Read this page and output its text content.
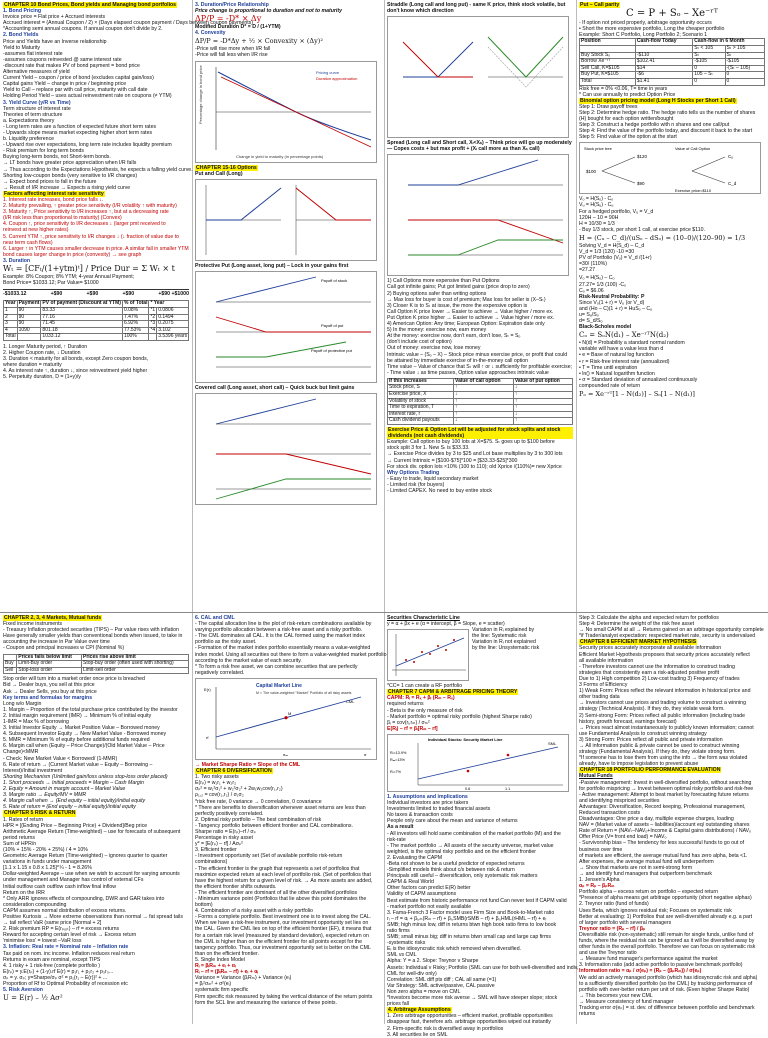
CHAPTER 10 Bond Prices, Bond yields and Managing bond portfolios
1. Bond Pricing
Invoice price = Flat price + Accrued interests
Accrued interest = (Annual Coupon / 2) × (Days elapsed coupon payment / Days between coupon payments)
*Accounting semi annual coupons. If annual coupon don't divide by 2.
2. Bond Yields
Price and Yields have an Inverse relationship
Yield to Maturity
-assumes flat interest rate
-assumes coupons reinvested @ same interest rate
-discount rate that makes PV of bond payment = bond price
Alternative measures of yield
Current Yield – coupon / price of bond (excludes capital gain/loss)
Capital gains Yield – change in price / beginning price
Yield to Call – replace par with call price, maturity with call date
Holding Period Yield – uses actual reinvestment rate on coupons (≠ YTM)
3. Yield Curve (y/R vs Time)
Term structure of interest rate
Theories of term structure
a. Expectations theory
- Long term rates are a function of expected future short term rates
- Upwards slope means market expecting higher short term rates
b. Liquidity preference
- Upward rise over expectations, long term rate includes liquidity premium
- Risk premium for long term bonds
Buying long-term bonds, not Short-term bonds.
→ LT bonds have greater price appreciation when I/R falls
→ Thus according to the Expectations Hypothesis, he expects a falling yield curve.
Shorting low-coupon bonds (very sensitive to I/R changes)
→ Expect bond prices to fall in the future
→ Result of I/R increase → Expects a rising yield curve
Factors affecting interest rate sensitivity
1. Interest rate increases, bond price falls ↓.
2. Maturity prevailing, ↑ greater price sensitivity (I/R volatility ↑ with maturity)
3. Maturity ↑, Price sensitivity to I/R increases ↑, but at a decreasing rate
(I/R risk less than proportional to maturity) (Convex)
4. Coupon ↑, price sensitivity to I/R decreases ↓ (larger pmt received to
reinvest at new higher rates)
5. Current YTM ↑, price sensitivity to I/R changes ↓ (↓ fraction of value due to
near term cash flows)
6. Larger ↑ in YTM causes smaller decrease in price. A similar fall in smaller YTM
bond causes larger change in price (convexity) → see graph
3. Duration
Wₜ = [CFₜ/(1+ytm)ᵗ] / Price Dur = Σ Wₜ × t
Example: 8% Coupon; 8% YTM; 4-year Annual Payment;
Bond Price= $1033.12; Par Value= $1000
-$1033.12	+$90	+$90	+$90	+$90 +$1000
Year	Payment	PV of payment (Discount at YTM)	% of Total	* Year	
1	90	83.33	0.08%	*1	0.0806
2	90	77.16	7.47%	*2	0.1494
3	90	71.45	6.92%	*3	0.2075
4	1090	801.18	77.53%	*4	3.102
Total		1033.12	100%		3.5396 years
1. Longer Maturity period, ↑ Duration
2. Higher Coupon rate, ↓ Duration
3. Duration < maturity for all bonds, except Zero coupon bonds,
where duration = maturity
4. As interest rate ↑, duration ↓, since reinvestment yield higher
5. Perpetuity duration, D = (1+y)/y
3. Duration/Price Relationship
Price change is proportional to duration and not to maturity
ΔP/P = -D* × Δy
Modified Duration D* = D / (1+YTM)
4. Convexity
ΔP/P = -D*Δy + ½ × Convexity × (Δy)²
-Price will rise more when I/R fall
-Price will fall less when I/R rise
Percentage change in bond price
Change in yield to maturity (in percentage points)
Pricing curve
Duration approximation
CHAPTER 15-16 Options
Put and Call (Long)
Protective Put (Long asset, long put) – Lock in your gains first
Payoff of stock
Payoff of put
Payoff of protective put
Covered call (Long asset, short call) – Quick buck but limit gains
Straddle (Long call and long put) - same K price, think stock volatile, but don't know which direction
Spread (Long call and Short call, Xₗ<Xₕ) – Think price will go up moderately — Copes costs + but max profit + (Xₗ call more as than Xₕ call)
1) Call Options more expensive than Put Options
Call got infinite gains; Put got limited gains (price drop to zero)
2) Buying options safer than writing options
→ Max loss for buyer is cost of premium; Max loss for seller is (X–Sₜ)
3) Closer K is to Sₜ at issue, the more the expensive option is
Call Option K price lower → Easier to achieve → Value higher / more ex.
Put Option K price higher → Easier to achieve → Value higher / more ex.
4) American Option: Any time; European Option: Expiration date only
5) In the money: exercise now, earn money
At the money: exercise now, don't earn, don't lose, Sₜ = Sₒ
(don't include cost of option)
Out of money: exercise now, lose money
Intrinsic value – (Sₒ – X) – Stock price minus exercise price, or profit that could be attained by immediate exercise of in-the-money call option
Time value – Value of chance that Sₜ will ↑ or ↓ sufficiently for profitable exercise;
- Time value ↓ as time passes, Option value approaches intrinsic value
If this increases	Value of call option	Value of put option
Stock price, S	↑	↓
Exercise price, X	↓	↑
Volatility of stock	↑	↑
Time to expiration, T	↑	↑
Interest rate, r	↑	↓
Cash dividend payouts	↓	↑
Exercise Price & Option Lot will be adjusted for stock splits and stock dividends (not cash dividends)
Example: Call option to buy 100 lots at X=$75. Sₜ goes up to $100 before
stock split 3 for 1. New Sₜ is $33.33.
→ Exercise Price divides by 3 to $25 and Lot base multiplies by 3 to 300 lots
→ Current Intrinsic = [$100-$75]*100 = [$33.33-$25]*300
For stock div. option lots ×10% (100 to 110); old Xprice /(110%)= new Xprice
Why Options Trading
- Easy to trade, liquid secondary market
- Limited risk (for buyers)
- Limited CAPEX. No need to buy entire stock
Put – Call parity
C = P + Sₒ – Xe⁻ʳᵀ
- If option not priced properly, arbitrage opportunity occurs
• Short the more expensive portfolio, Long the cheaper portfolio
Example: Short C Portfolio, Long Portfolio 2; Scenario 1
Position	Cash-flow Today	Cash-flow in 6 Month	
		Sₜ < 105	Sₜ > 105
Buy Stock Sₒ	-$110	Sₜ	Sₜ
Borrow Xe⁻ʳᵀ	$102.41	-$105	-$105
Sell Call, K=$105	$14	0	-(Sₜ – 105)
Buy Put, K=$105	-$6	105 – Sₜ	0
Total	$1.41	0	0
Risk free = 0% <0.06, T= time in years
* Can use annually to predict Option Price
Binomial option pricing model (Long H Stocks per Short 1 Call)
Step 1: Draw payoff trees
Step 2: Determine hedge ratio. The hedge ratio tells us the number of shares
(H) bought for each option written/bought
Step 3: Construct a hedge portfolio with n shares and one call/put
Step 4: Find the value of the portfolio today, and discount it back to the start
Step 5: Find value of the option at the start
Stock price tree	Value of Call Option
$100
$120
$90
Cᵤ
C_d
Exercise price=$110
Vₒ = H(Sₒ) - Cₒ
Vᵤ = H(Sᵤ) - Cᵤ
For a hedged portfolio, Vᵤ = V_d
120H – 10 = 90H
H = 10/30 = 1/3
- Buy 1/3 stock, per short 1 call, at exercise price $110.
H = (Cᵤ – C_d)/(uSₒ – dSₒ) = (10–0)/(120–90) = 1/3
Solving V_d = H(S_d) – C_d
V_d = 1/3 (120) -10 =30
PV of Portfolio (Vₒ) = V_d /(1+r)
=30/ (110%)
=27.27
Vₒ = H(Sₒ) – Cₒ
27.27= 1/3 (100) -Cₒ
Cₒ = $6.06
Risk-Neutral Probability: P
Since Vₒ(1 + r) = Vᵤ (or V_d)
and (Ho – C)(1 + r) = HuSₒ – Cᵤ
u= Sᵤ/Sₒ
d= S_d/Sₒ
Black-Scholes model
Cₒ = SₒN(d₁) – Xe⁻ʳᵀN(d₂)
• N(d) = Probability a standard normal random
variable will have a value less than d
• e = Base of natural log function
• r = Risk-free interest rate (annualized)
• T = Time until expiration
• ln() = Natural logarithm function
• σ = Standard deviation of annualized continuously
compounded rate of return
Pₒ = Xe⁻ʳᵀ[1 – N(d₂)] – Sₒ[1 – N(d₁)]
CHAPTER 2, 3, 4 Markets, Mutual funds
Fixed income instruments
- Treasury Inflation protected securities (TIPS) – Par value rises with inflation
Have generally smaller yields than conventional bonds when issued, to take in
accounting the increase in Par Value over time
- Coupon and principal increases w CPI (Nominal %)
	Prices falls below limit	Prices rise above limit
Buy	Limit-Buy order	Stop-buy order (often used with shorting)
Sell	Stop-loss order	Limit-sell order
Stop order will turn into a market order once price is breached
Bid → Dealer buys, you sell at this price
Ask → Dealer Sells, you buy at this price
Key terms and formulas for margins
Long w/o Margin
1. Margin – Proportion of the total purchase price contributed by the investor
2. Initial margin requirement (IMR) → Minimum % of initial equity
1-IMR = Max % of borrowing
3. Initial Investor Equity → Market Position Value – Borrowed money
4. Subsequent Investor Equity → New Market Value - Borrowed money
5. MMR = Minimum % of equity before additional funds required
6. Margin call when (Equity – Price Change)/(Old Market Value – Price
Change)<MMR
- Check: New Market Value < Borrowed/ (1-MMR)
6. Rate of return → (Current Market value – Equity – Borrowing –
Interest)/Initial investment
Shorting Mechanism (Unlimited gain/loss unless stop-loss order placed)
1. Short proceeds → Initial proceeds = Margin – Cash Margin
2. Equity = Amount in margin account – Market Value
3. Margin ratio → Equity/MV = MMR
4. Margin call when → (End equity – initial equity)/initial equity
5. Rate of return = (End equity – initial equity)/initial equity
CHAPTER 5 RISK & RETURN
1. Rates of return
HPR = [(Ending Price – Beginning Price) + Dividend]/Beg price
Arithmetic Average Return (Time-weighted) – use for forecasts of subsequent
period returns
Sum of HPR/n
(10% + 15% - 20% + 25%) / 4 = 10%
Geometric Average Return (Time-weighted) – ignores quarter to quarter
variations in funds under management
[1.1 x 1.15 x 0.8 x 1.25]^¼ - 1 = 8.26%
Dollar-weighted Average – use when we wish to account for varying amounts
under management and Manager has control of external CFs
Initial outflow cash outflow cash inflow final inflow
Return on the IRR
* Only ARR ignores effects of compounding, DWR and GAR takes into
consideration compounding
CAPM assumes normal distribution of excess returns.
Positive Kurtosis → More extreme observations than normal → fat spread tails
→ tail reflect VaR (same price [Normal + 2]
2. Risk premium RP = E(rₚₒᵣₜ) – rf = excess returns
Reward for accepting certain level of risk → Excess return
'minimise loss' = lowest –VaR loss
3. Inflation: Real rate = Nominal rate – Inflation rate
Tax paid on nom. inc income. Inflation reduces real return
Returns in exam are nominal, except TIPS
4. 1 risky + 1 risk-free (complete portfolio )
E(rₚ) = y.E(rₚ) + (1-y).rf E(r) = p₁r₁ + p₂r₂ + p₃r₃...
σₚ = y. σₚ; y=Sharpe/σₚ σ² = p₁(r₁ – E(r))² + ...
Proportion of Rf to Optimal Probability of recession etc
5. Risk Aversion
U = E(r) – ½ Aσ²
6. CAL and CML
- The capital allocation line is the plot of risk-return combinations available by
varying portfolio allocation between a risk-free asset and a risky portfolio.
- The CML dominates all CAL. It is the CAL formed using the market index
portfolio as the risky asset.
- Formation of the market index portfolio essentially means a value-weighted
index model. Using all securities out there to form a value-weighted market portfolio
according to the market value of each security.
* To form a risk free asset, we can combine securities that are perfectly
negatively correlated.
Capital Market Line
M = The value-weighted "Market" Portfolio of all risky assets
E(r)
CML
M
rf
σₘ	σ
→ Market Sharpe Ratio = Slope of the CML
CHAPTER 6 DIVERSIFICATION
1. Two risky assets
E(rₚ) = w₁r₁ + w₂r₂
σₚ² = w₁²σ₁² + w₂²σ₂² + 2w₁w₂cov(r₁,r₂)
ρ₁,₂ = cov(r₁,r₂) / σ₁σ₂
*risk free rate, 0 variance → 0 correlation, 0 covariance
* There are benefits to diversification whenever asset returns are less than
perfectly positively correlated.
2. Optimal risky portfolio – The best combination of risk
- Tangency portfolio between efficient frontier and CAL combinations.
Sharpe ratio = E(rₚ)–rf / σₚ
Percentage in risky asset
y* = [E(rₚ) – rf] / Aσₚ²
3. Efficient frontier
- Investment opportunity set (Set of available portfolio risk-return
combinations)
- The efficient frontier is the graph that represents a set of portfolios that
maximize expected return at each level of portfolio risk. (Set of portfolios that
have the highest return for a given level of risk. → As more assets are added,
the efficient frontier shifts outwards.
- The efficient frontier are dominant of all the other diversified portfolios
- Minimum variance point (Portfolios that lie above this point dominates the
bottom)
4. Combination of a risky asset with a risky portfolio
- Forms a complete portfolio. Best investment one is to invest along the CAL.
When we have a risk-free instrument, our investment opportunity set lies on
the CAL. Given the CML lies on top of the efficient frontier (EF), it means that
for a certain risk level (measured by standard deviation), expected return on
the CML is higher than on the efficient frontier for all points except for the
tangency portfolio. Thus, our investment opportunity set is better on the CML
than on the efficient frontier.
5. Single Index Model
Rᵢ = βᵢRₘ + eᵢ + αᵢ
Rᵢ – rf = (βᵢRₘ – rf) + eᵢ + αᵢ
Variance = Variance (βᵢRₘ) + Variance (eᵢ)
= βᵢ²σₘ² + σ²(eᵢ)
systematic firm specific
Firm specific risk measured by taking the vertical distance of the return points
form the SCL line and measuring the variance of these points.
Securities Characteristic Line
y = α + βx + e (α = intercept, β = Slope, e = scatter)
Variation in Rᵢ explained by
the line: Systematic risk
Variation in Rᵢ not explained
by the line: Unsystematic risk
*CC= 1 can create a RF portfolio
CHAPTER 7 CAPM & ARBITRAGE PRICING THEORY
CAPM: Rᵢ = Rₓ + βᵢ (Rₘ – Rₓ)
required returns
- Beta is the only measure of risk
- Market portfolio = optimal risky portfolio (highest Sharpe ratio)
βᵢ = cov(rᵢ,rₘ) / σₘ²
E(Rᵢ) – rf = βᵢ[Rₘ – rf]
Individual Stocks: Security Market Line
Rₘ=13%
Rᵢ=13.9%
Rᵢ=7%
1.1
0.6
SML
1. Assumptions and implications
Individual investors are price takers
Investments limited to traded financial assets
No taxes & transaction costs
People only care about the mean and variance of returns
As a result
- All investors will hold same combination of the market portfolio (M) and the
risk-rate
- The market portfolio → All assets of the security universe, market value
weighted, is the optimal risky portfolio and on the efficient frontier
2. Evaluating the CAPM
-Beta not shown to be a useful predictor of expected returns
-Simplified models think about c/s between risk & return
Principals still useful – diversification, only systematic risk matters
CAPM & Real World
Other factors can predict E(R) better
Validity of CAPM assumptions
Best estimate from historic performance not fund Can never test if CAPM valid
- market portfolio not easily available
3. Fama-French 3 Factor model uses Firm Size and Book-to-Market ratio
rᵢ – rf = αᵢ + βᵢ,ₘ(Rₘ – rf) + βᵢ,SMB(rSMB – rf) + βᵢ,HML(rHML – rf) + eᵢ
SMB; high minus low, diff in returns btwn high book ratio firms to low book
ratio firms
SMB; small minus big; diff in returns btwn small cap and large cap firms
-systematic risks
Eᵢ is the idiosyncratic risk which removed when diversified.
SML vs CML
Alpha: Y = a 2. Slope: Treynor v Sharpe
Assets: Individual v Risky; Portfolio (SML can use for both well-diversified and indiv,
CML for well-div only)
Correlation: SML diff pts diff ; CAL all same (=1)
Var Strategy: SML active/passive, CAL passive
Non zero alpha = move on CML
*Investors become more risk averse → SML will have steeper slope; stock
prices fall
4. Arbitrage Assumptions
1. Zero arbitrage opportunities – efficient market, profitable opportunities
disappear fast, therefore arb. arbitrage opportunities wiped out instantly
2. Firm-specific risk is diversified away in portfolios
3. All securities lie on SML
Step 3: Calculate the alpha and expected return for portfolios
Step 4: Determine the weight of the risk free asset
→ No small CAPM at all → Returns gained on an arbitrage opportunity complete
*if Trader/analyst expectation: respected market rate, security is undervalued
CHAPTER 8 EFFICIENT MARKET HYPOTHESIS
Security prices accurately incorporate all available information
Efficient Market Hypothesis proposes that security prices accurately reflect
all available information
- Therefore investors cannot use the information to construct trading
strategies that consistently earn a risk-adjusted positive profit
Due to 1) High competition 2) Low-cost trading 3) Frequency of trades
3 Forms of Efficiency
1) Weak Form: Prices reflect the relevant information in historical price and
other trading data
→ Investors cannot use prices and trading volume to construct a winning
strategy (Technical Analysis). If they do, they violate weak form.
2) Semi-strong Form: Prices reflect all public information (including trade
history, growth forecast, earnings forecast)
→ Prices react almost instantaneously to publicly known information; cannot
use Fundamental Analysis to construct winning strategy
3) Strong Form: Prices reflect all public and private information
→ All information public & private cannot be used to construct winning
strategy (Fundamental Analysis). If they do, they violate strong form.
*If someone has to lose them from using the info → the form was violated
already, have to impose legislation to prevent abuse
CHAPTER 18 PORTFOLIO PERFORMANCE EVALUATION
Mutual Funds
-Passive management: Invest in well-diversified portfolio, without searching
for portfolio mispricing → Invest between optimal risky portfolio and risk-free
- Active management: Attempt to beat market by forecasting future returns
and identifying mispriced securities
Advantages: Diversification, Record keeping, Professional management,
Reduced transaction costs
Disadvantages: One price a day, multiple expense charges, loading
NAV = (Market value of assets – liabilities)/account eq/ outstanding shares
Rate of Return = (NAVₜ–NAVₒ+Income & Capital gains distributions) / NAVₒ
Offer Price (V= front end load) = NAVₒ
- Survivorship bias – The tendency for less successful funds to go out of
business over time
of markets are efficient, the average mutual fund has zero alpha, beta <1.
After expenses, the average mutual fund will underperform
→ Show that markets are not in semi-strong form
→ and identify fund managers that outperform benchmark
1. Jensen's Alpha
αₚ = Rₚ – βₚRₘ
Portfolio alpha – excess return on portfolio – expected return
*Presence of alpha means get arbitrage opportunity (short negative alphas)
2. Treynor ratio (fund of funds)
Uses Beta, which ignores residual risk; Focuses on systematic risk
Better at evaluating: 1) Portfolios that are well-diversified already e.g. a part
of larger portfolio with several managers
Treynor ratio = (Rₚ – rf) / βₚ
Diversifiable risk (non-systematic) still remain for single funds, unlike fund of
funds, where the residual risk can be ignored as it will be diversified away by
other funds in the overall portfolio. Therefore we can focus on systematic risk
and use the Treynor ratio
→ Measure fund manager's performance against the market
3. Information ratio (add active portfolio to passive benchmark portfolio)
Information ratio = αₚ / σ(eₚ) = (Rₚ – (βₚRₘ)) / σ(eₚ)
We add an actively managed portfolio (which has idiosyncratic risk and alpha)
to a sufficiently diversified portfolio (so the CML) by tracking performance of
portfolio with over-better return per unit of risk. (Even higher Sharpe Ratio)
→ This becomes your new CML
→ Measure consistency of fund manager
Tracking error σ(eₚ) = st. dev. of difference between portfolio and benchmark
returns
